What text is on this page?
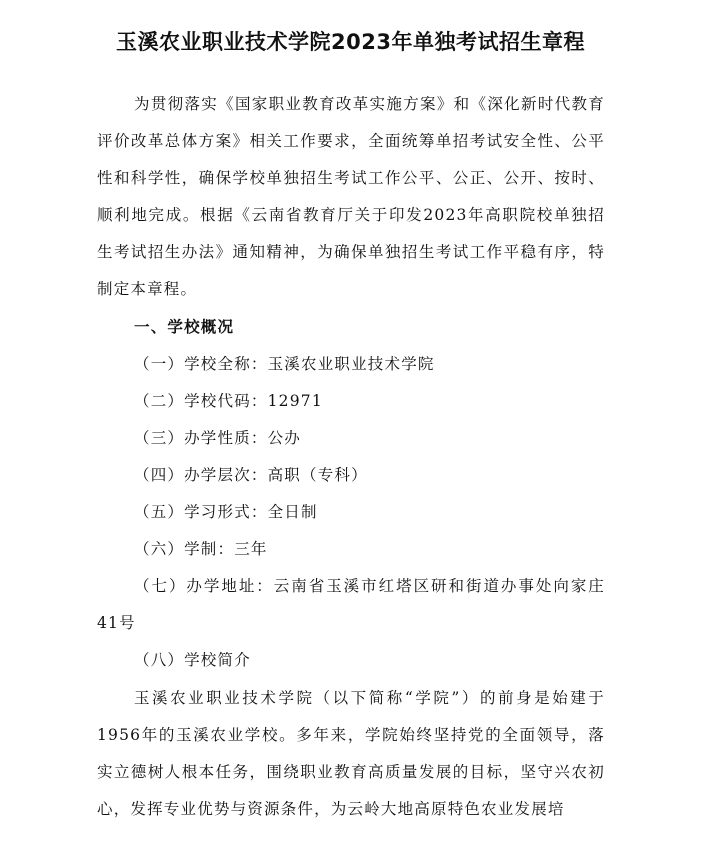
玉溪农业职业技术学院2023年单独考试招生章程

为贯彻落实《国家职业教育改革实施方案》和《深化新时代教育评价改革总体方案》相关工作要求，全面统筹单招考试安全性、公平性和科学性，确保学校单独招生考试工作公平、公正、公开、按时、顺利地完成。根据《云南省教育厅关于印发2023年高职院校单独招生考试招生办法》通知精神，为确保单独招生考试工作平稳有序，特制定本章程。

一、学校概况

（一）学校全称：玉溪农业职业技术学院

（二）学校代码：12971

（三）办学性质：公办

（四）办学层次：高职（专科）

（五）学习形式：全日制

（六）学制：三年

（七）办学地址：云南省玉溪市红塔区研和街道办事处向家庄41号

（八）学校简介

玉溪农业职业技术学院（以下简称“学院”）的前身是始建于1956年的玉溪农业学校。多年来，学院始终坚持党的全面领导，落实立德树人根本任务，围绕职业教育高质量发展的目标，坚守兴农初心，发挥专业优势与资源条件，为云岭大地高原特色农业发展培
